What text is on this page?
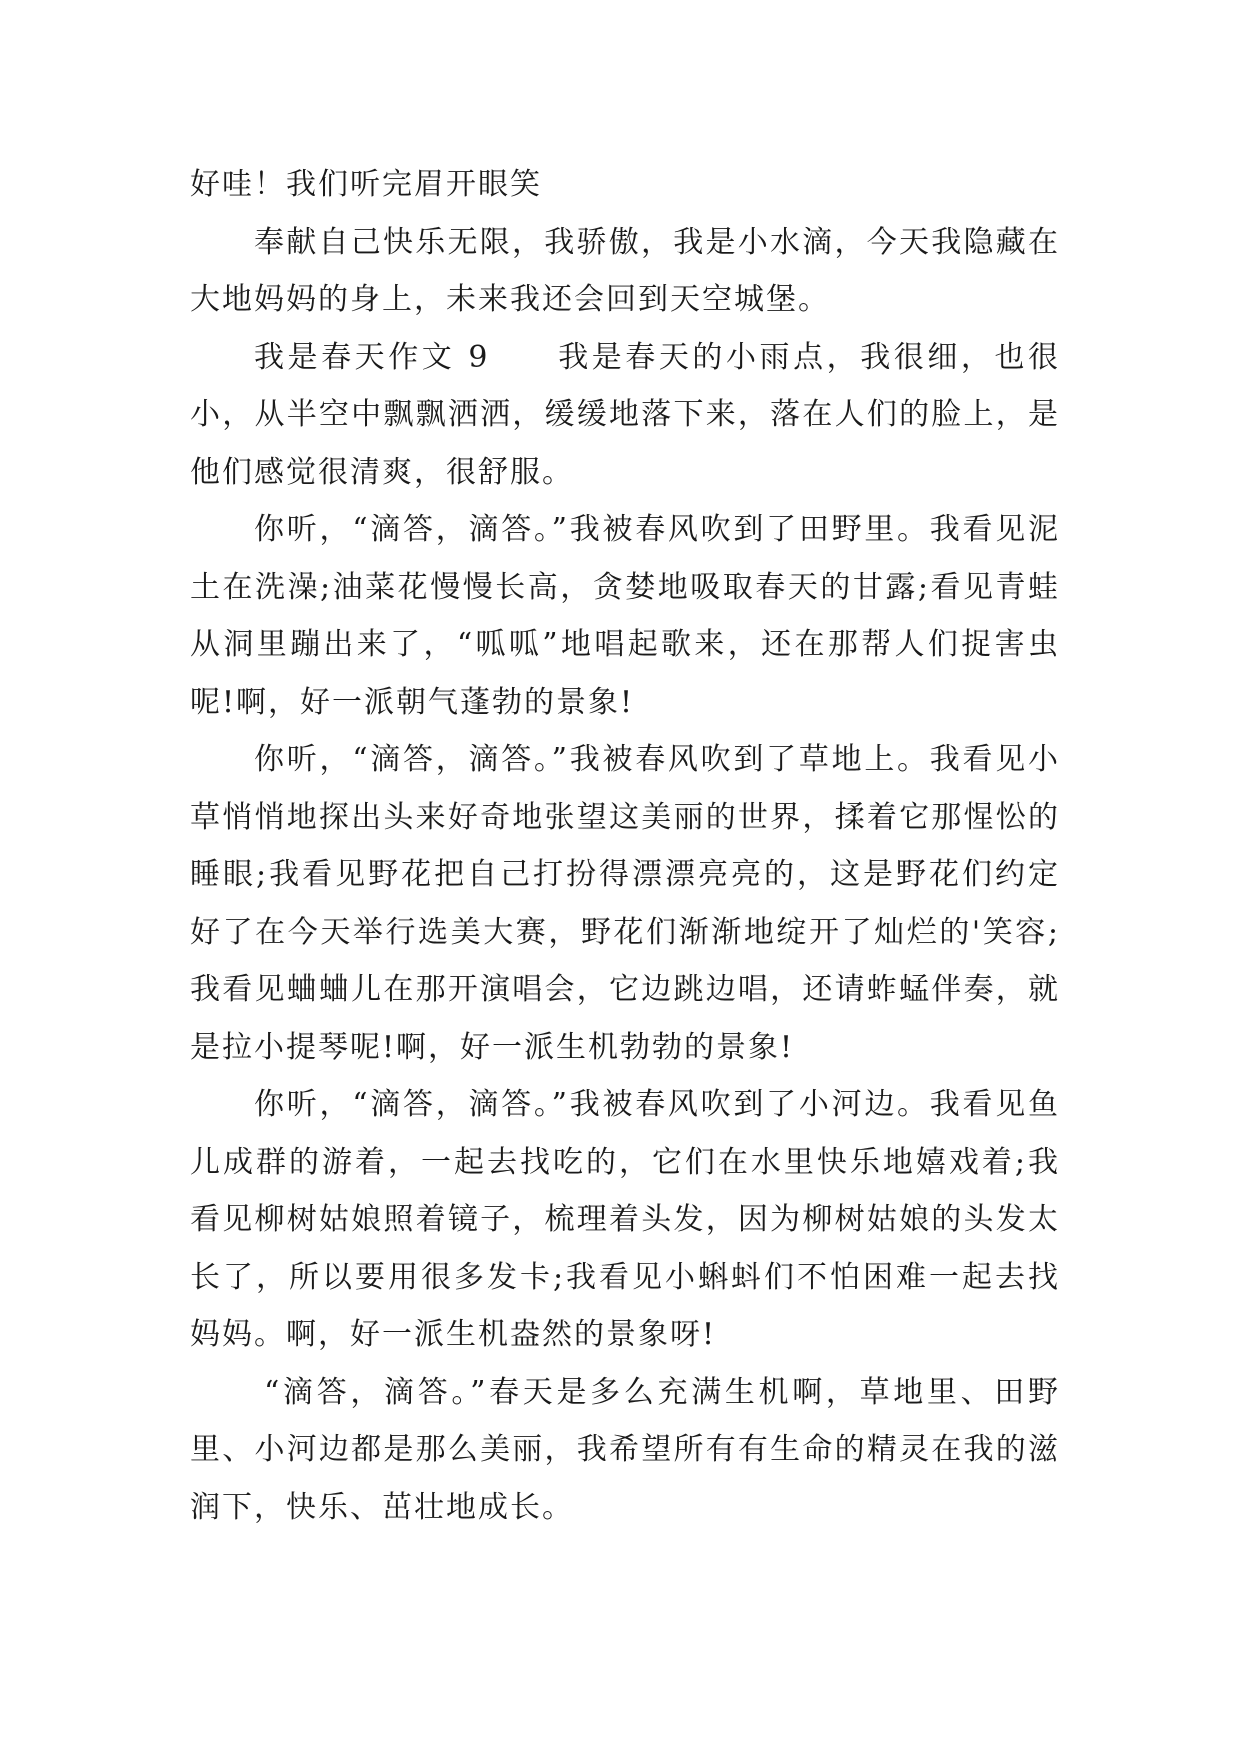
好哇！我们听完眉开眼笑

奉献自己快乐无限，我骄傲，我是小水滴，今天我隐藏在大地妈妈的身上，未来我还会回到天空城堡。

我是春天作文 9　　我是春天的小雨点，我很细，也很小，从半空中飘飘洒洒，缓缓地落下来，落在人们的脸上，是他们感觉很清爽，很舒服。

你听，“滴答，滴答。”我被春风吹到了田野里。我看见泥土在洗澡;油菜花慢慢长高，贪婪地吸取春天的甘露;看见青蛙从洞里蹦出来了，“呱呱”地唱起歌来，还在那帮人们捉害虫呢!啊，好一派朝气蓬勃的景象!

你听，“滴答，滴答。”我被春风吹到了草地上。我看见小草悄悄地探出头来好奇地张望这美丽的世界，揉着它那惺忪的睡眼;我看见野花把自己打扮得漂漂亮亮的，这是野花们约定好了在今天举行选美大赛，野花们渐渐地绽开了灿烂的'笑容;我看见蛐蛐儿在那开演唱会，它边跳边唱，还请蚱蜢伴奏，就是拉小提琴呢!啊，好一派生机勃勃的景象!

你听，“滴答，滴答。”我被春风吹到了小河边。我看见鱼儿成群的游着，一起去找吃的，它们在水里快乐地嬉戏着;我看见柳树姑娘照着镜子，梳理着头发，因为柳树姑娘的头发太长了，所以要用很多发卡;我看见小蝌蚪们不怕困难一起去找妈妈。啊，好一派生机盎然的景象呀!

“滴答，滴答。”春天是多么充满生机啊，草地里、田野里、小河边都是那么美丽，我希望所有有生命的精灵在我的滋润下，快乐、茁壮地成长。
